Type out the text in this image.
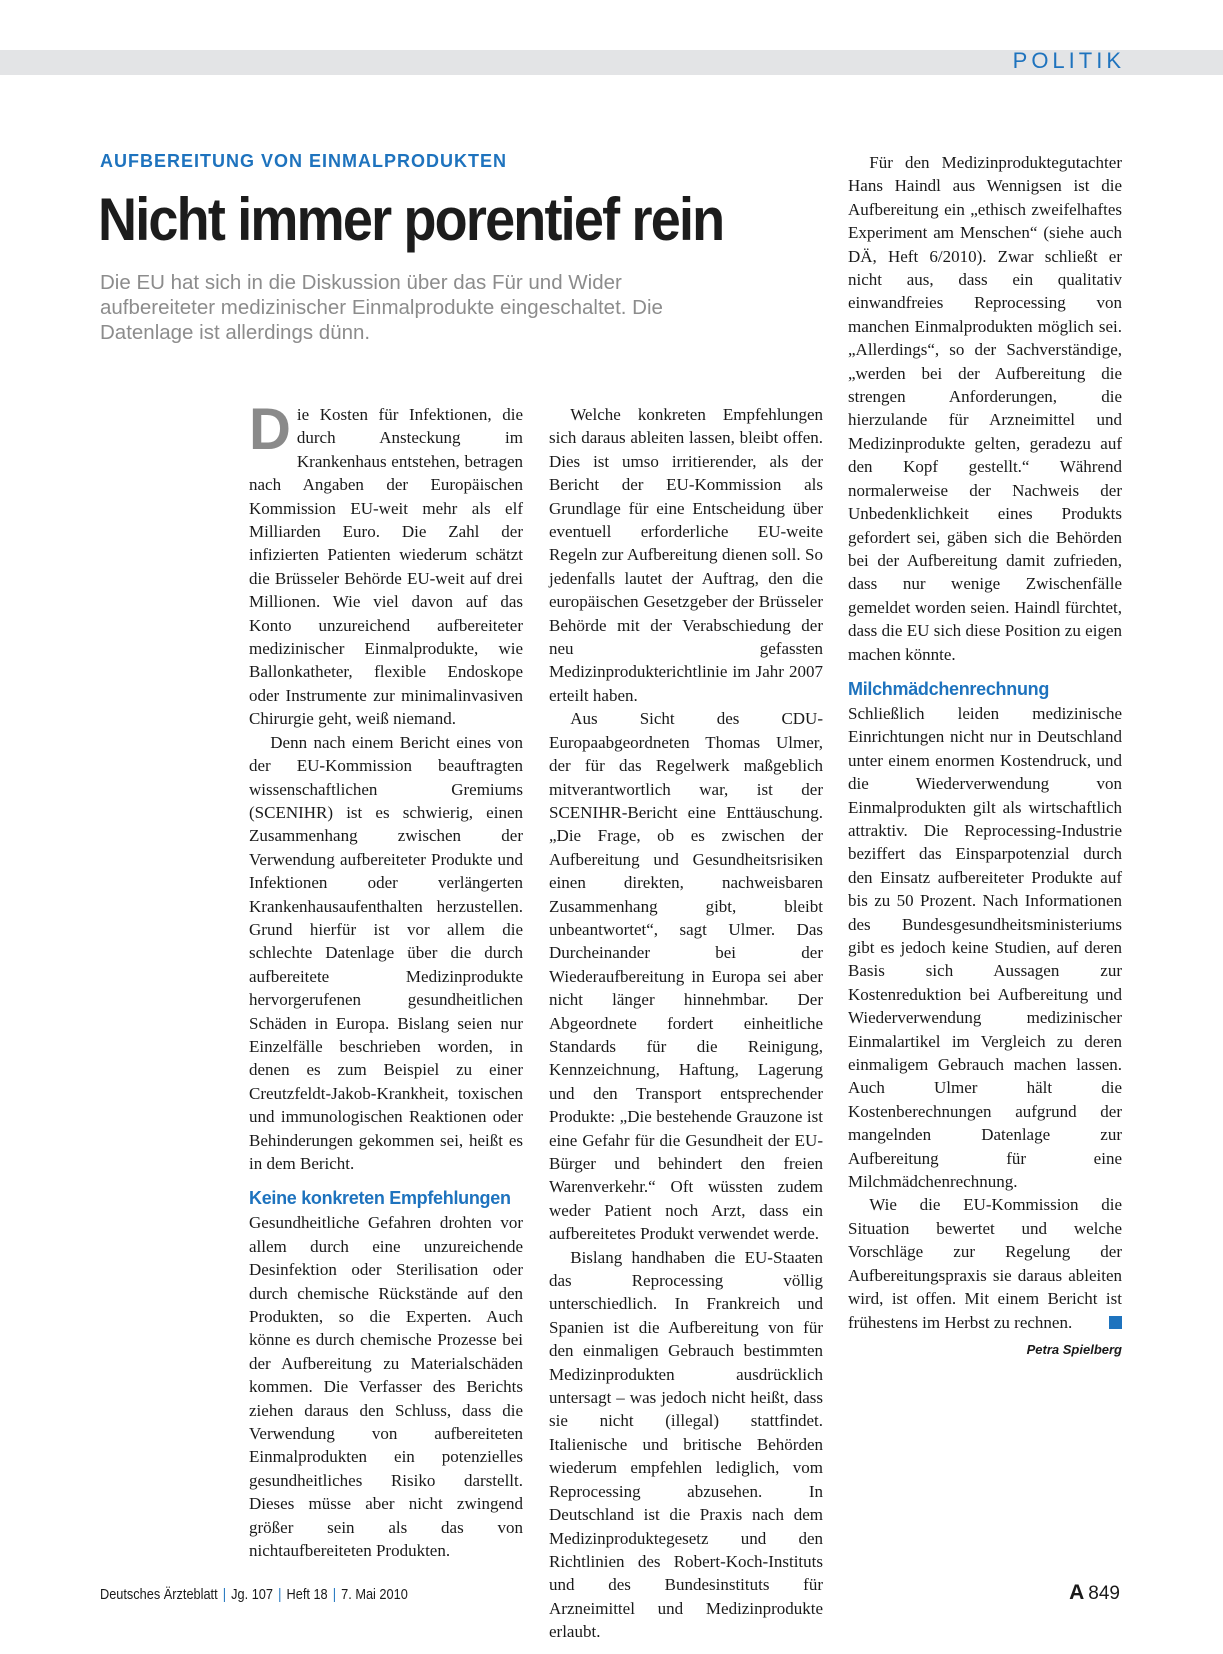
POLITIK
AUFBEREITUNG VON EINMALPRODUKTEN
Nicht immer porentief rein

Die EU hat sich in die Diskussion über das Für und Wider aufbereiteter medizinischer Einmalprodukte eingeschaltet. Die Datenlage ist allerdings dünn.

Die Kosten für Infektionen, die durch Ansteckung im Krankenhaus entstehen, betragen nach Angaben der Europäischen Kommission EU-weit mehr als elf Milliarden Euro. Die Zahl der infizierten Patienten wiederum schätzt die Brüsseler Behörde EU-weit auf drei Millionen. Wie viel davon auf das Konto unzureichend aufbereiteter medizinischer Einmalprodukte, wie Ballonkatheter, flexible Endoskope oder Instrumente zur minimalinvasiven Chirurgie geht, weiß niemand.

Denn nach einem Bericht eines von der EU-Kommission beauftragten wissenschaftlichen Gremiums (SCENIHR) ist es schwierig, einen Zusammenhang zwischen der Verwendung aufbereiteter Produkte und Infektionen oder verlängerten Krankenhausaufenthalten herzustellen. Grund hierfür ist vor allem die schlechte Datenlage über die durch aufbereitete Medizinprodukte hervorgerufenen gesundheitlichen Schäden in Europa. Bislang seien nur Einzelfälle beschrieben worden, in denen es zum Beispiel zu einer Creutzfeldt-Jakob-Krankheit, toxischen und immunologischen Reaktionen oder Behinderungen gekommen sei, heißt es in dem Bericht.

Keine konkreten Empfehlungen

Gesundheitliche Gefahren drohten vor allem durch eine unzureichende Desinfektion oder Sterilisation oder durch chemische Rückstände auf den Produkten, so die Experten. Auch könne es durch chemische Prozesse bei der Aufbereitung zu Materialschäden kommen. Die Verfasser des Berichts ziehen daraus den Schluss, dass die Verwendung von aufbereiteten Einmalprodukten ein potenzielles gesundheitliches Risiko darstellt. Dieses müsse aber nicht zwingend größer sein als das von nichtaufbereiteten Produkten.

Welche konkreten Empfehlungen sich daraus ableiten lassen, bleibt offen. Dies ist umso irritierender, als der Bericht der EU-Kommission als Grundlage für eine Entscheidung über eventuell erforderliche EU-weite Regeln zur Aufbereitung dienen soll. So jedenfalls lautet der Auftrag, den die europäischen Gesetzgeber der Brüsseler Behörde mit der Verabschiedung der neu gefassten Medizinprodukterichtlinie im Jahr 2007 erteilt haben.

Aus Sicht des CDU-Europaabgeordneten Thomas Ulmer, der für das Regelwerk maßgeblich mitverantwortlich war, ist der SCENIHR-Bericht eine Enttäuschung. „Die Frage, ob es zwischen der Aufbereitung und Gesundheitsrisiken einen direkten, nachweisbaren Zusammenhang gibt, bleibt unbeantwortet“, sagt Ulmer. Das Durcheinander bei der Wiederaufbereitung in Europa sei aber nicht länger hinnehmbar. Der Abgeordnete fordert einheitliche Standards für die Reinigung, Kennzeichnung, Haftung, Lagerung und den Transport entsprechender Produkte: „Die bestehende Grauzone ist eine Gefahr für die Gesundheit der EU-Bürger und behindert den freien Warenverkehr.“ Oft wüssten zudem weder Patient noch Arzt, dass ein aufbereitetes Produkt verwendet werde.

Bislang handhaben die EU-Staaten das Reprocessing völlig unterschiedlich. In Frankreich und Spanien ist die Aufbereitung von für den einmaligen Gebrauch bestimmten Medizinprodukten ausdrücklich untersagt – was jedoch nicht heißt, dass sie nicht (illegal) stattfindet. Italienische und britische Behörden wiederum empfehlen lediglich, vom Reprocessing abzusehen. In Deutschland ist die Praxis nach dem Medizinproduktegesetz und den Richtlinien des Robert-Koch-Instituts und des Bundesinstituts für Arzneimittel und Medizinprodukte erlaubt.

Für den Medizinproduktegutachter Hans Haindl aus Wennigsen ist die Aufbereitung ein „ethisch zweifelhaftes Experiment am Menschen“ (siehe auch DÄ, Heft 6/2010). Zwar schließt er nicht aus, dass ein qualitativ einwandfreies Reprocessing von manchen Einmalprodukten möglich sei. „Allerdings“, so der Sachverständige, „werden bei der Aufbereitung die strengen Anforderungen, die hierzulande für Arzneimittel und Medizinprodukte gelten, geradezu auf den Kopf gestellt.“ Während normalerweise der Nachweis der Unbedenklichkeit eines Produkts gefordert sei, gäben sich die Behörden bei der Aufbereitung damit zufrieden, dass nur wenige Zwischenfälle gemeldet worden seien. Haindl fürchtet, dass die EU sich diese Position zu eigen machen könnte.

Milchmädchenrechnung

Schließlich leiden medizinische Einrichtungen nicht nur in Deutschland unter einem enormen Kostendruck, und die Wiederverwendung von Einmalprodukten gilt als wirtschaftlich attraktiv. Die Reprocessing-Industrie beziffert das Einsparpotenzial durch den Einsatz aufbereiteter Produkte auf bis zu 50 Prozent. Nach Informationen des Bundesgesundheitsministeriums gibt es jedoch keine Studien, auf deren Basis sich Aussagen zur Kostenreduktion bei Aufbereitung und Wiederverwendung medizinischer Einmalartikel im Vergleich zu deren einmaligem Gebrauch machen lassen. Auch Ulmer hält die Kostenberechnungen aufgrund der mangelnden Datenlage zur Aufbereitung für eine Milchmädchenrechnung.

Wie die EU-Kommission die Situation bewertet und welche Vorschläge zur Regelung der Aufbereitungspraxis sie daraus ableiten wird, ist offen. Mit einem Bericht ist frühestens im Herbst zu rechnen.

Petra Spielberg
Deutsches Ärzteblatt | Jg. 107 | Heft 18 | 7. Mai 2010	A 849
